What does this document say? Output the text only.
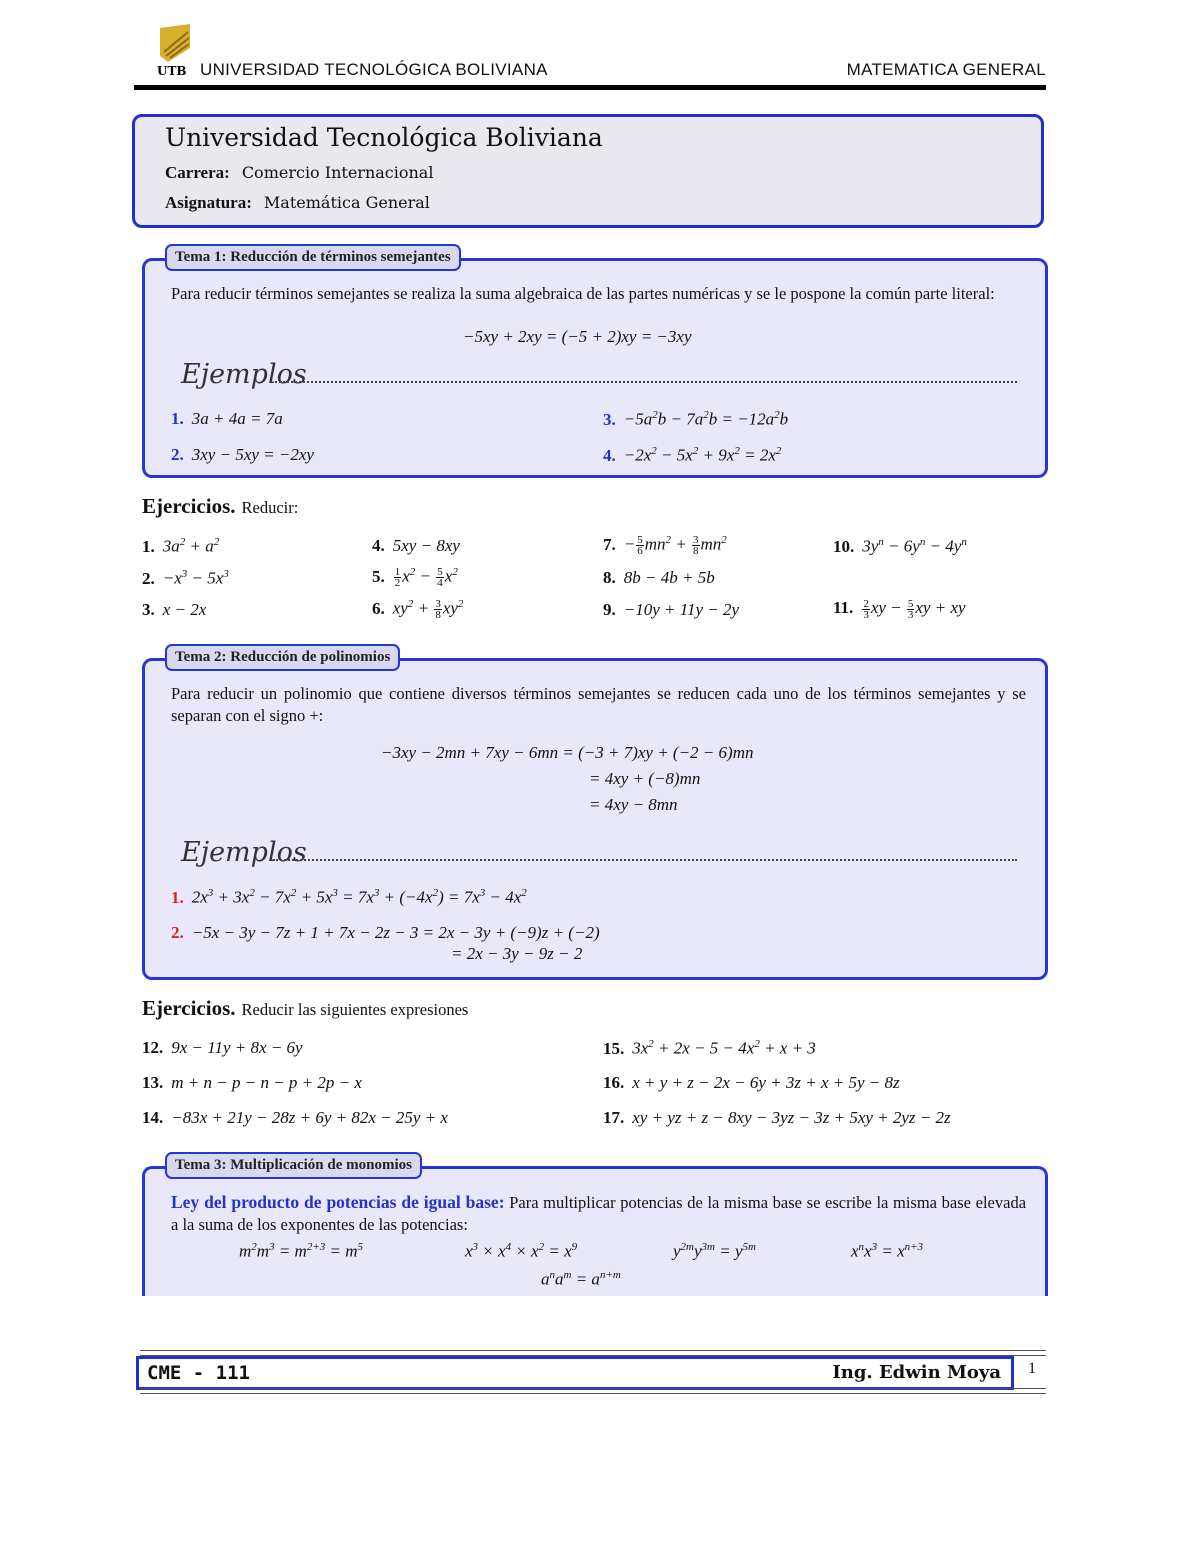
UTB UNIVERSIDAD TECNOLÓGICA BOLIVIANA	MATEMATICA GENERAL
Universidad Tecnológica Boliviana
Carrera: Comercio Internacional
Asignatura: Matemática General
Tema 1: Reducción de términos semejantes

Para reducir términos semejantes se realiza la suma algebraica de las partes numéricas y se le pospone la común parte literal:

−5xy + 2xy = (−5 + 2)xy = −3xy
Ejemplos
1. 3a + 4a = 7a
2. 3xy − 5xy = −2xy
3. $-5a^2b - 7a^2b = -12a^2b$
4. $-2x^2 - 5x^2 + 9x^2 = 2x^2$
Ejercicios. Reducir:
1. $3a^2 + a^2$
2. $-x^3 - 5x^3$
3. x − 2x
4. 5xy − 8xy
5. $\frac{1}{2} x^2 - \frac{5}{4} x^2$
6. $xy^2 + \frac{3}{8} xy^2$
7. − $\frac{5}{6} mn^2 + \frac{3}{8} mn^2$
8. 8b − 4b + 5b
9. −10y + 11y − 2y
10. $3y^n - 6y^n - 4y^n$
11. $\frac{2}{3}$ xy − $\frac{5}{3}$ xy + xy
Tema 2: Reducción de polinomios

Para reducir un polinomio que contiene diversos términos semejantes se reducen cada uno de los términos semejantes y se separan con el signo +:

−3xy − 2mn + 7xy − 6mn = (−3 + 7)xy + (−2 − 6)mn
= 4xy + (−8)mn
= 4xy − 8mn
Ejemplos
1. $2x^3 + 3x^2 - 7x^2 + 5x^3 = 7x^3 + (-4x^2) = 7x^3 - 4x^2$
2. −5x − 3y − 7z + 1 + 7x − 2z − 3 = 2x − 3y + (−9)z + (−2)
= 2x − 3y − 9z − 2
Ejercicios. Reducir las siguientes expresiones
12. 9x − 11y + 8x − 6y
13. m + n − p − n − p + 2p − x
14. −83x + 21y − 28z + 6y + 82x − 25y + x
15. $3x^2 + 2x - 5 - 4x^2 + x + 3$
16. x + y + z − 2x − 6y + 3z + x + 5y − 8z
17. xy + yz + z − 8xy − 3yz − 3z + 5xy + 2yz − 2z
Tema 3: Multiplicación de monomios

Ley del producto de potencias de igual base: Para multiplicar potencias de la misma base se escribe la misma base elevada a la suma de los exponentes de las potencias:

$m^2m^3 = m^{2+3} = m^5$	$x^3 \times x^4 \times x^2 = x^9$	$y^{2m}y^{3m} = y^{5m}$	$x^nx^3 = x^{n+3}$
$a^na^m = a^{n+m}$
CME - 111	Ing. Edwin Moya 1
